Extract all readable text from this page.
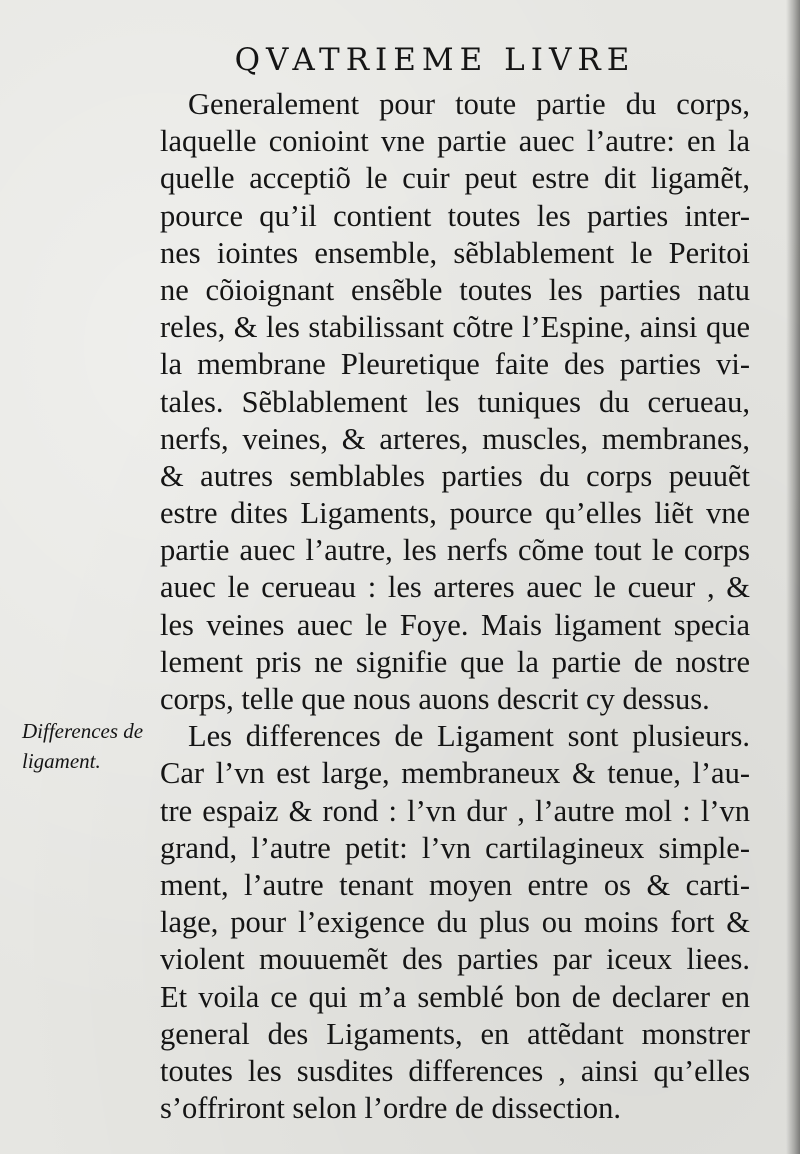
QVATRIEME LIVRE
Differences de
ligament.
Generalement pour toute partie du corps,
laquelle conioint vne partie auec l’autre: en la
quelle acceptiõ le cuir peut estre dit ligamẽt,
pource qu’il contient toutes les parties inter-
nes iointes ensemble, sẽblablement le Peritoi
ne cõioignant ensẽble toutes les parties natu
reles, & les stabilissant cõtre l’Espine, ainsi que
la membrane Pleuretique faite des parties vi-
tales. Sẽblablement les tuniques du cerueau,
nerfs, veines, & arteres, muscles, membranes,
& autres semblables parties du corps peuuẽt
estre dites Ligaments, pource qu’elles liẽt vne
partie auec l’autre, les nerfs cõme tout le corps
auec le cerueau : les arteres auec le cueur , &
les veines auec le Foye. Mais ligament specia
lement pris ne signifie que la partie de nostre
corps, telle que nous auons descrit cy dessus.
Les differences de Ligament sont plusieurs.
Car l’vn est large, membraneux & tenue, l’au-
tre espaiz & rond : l’vn dur , l’autre mol : l’vn
grand, l’autre petit: l’vn cartilagineux simple-
ment, l’autre tenant moyen entre os & carti-
lage, pour l’exigence du plus ou moins fort &
violent mouuemẽt des parties par iceux liees.
Et voila ce qui m’a semblé bon de declarer en
general des Ligaments, en attẽdant monstrer
toutes les susdites differences , ainsi qu’elles
s’offriront selon l’ordre de dissection.
